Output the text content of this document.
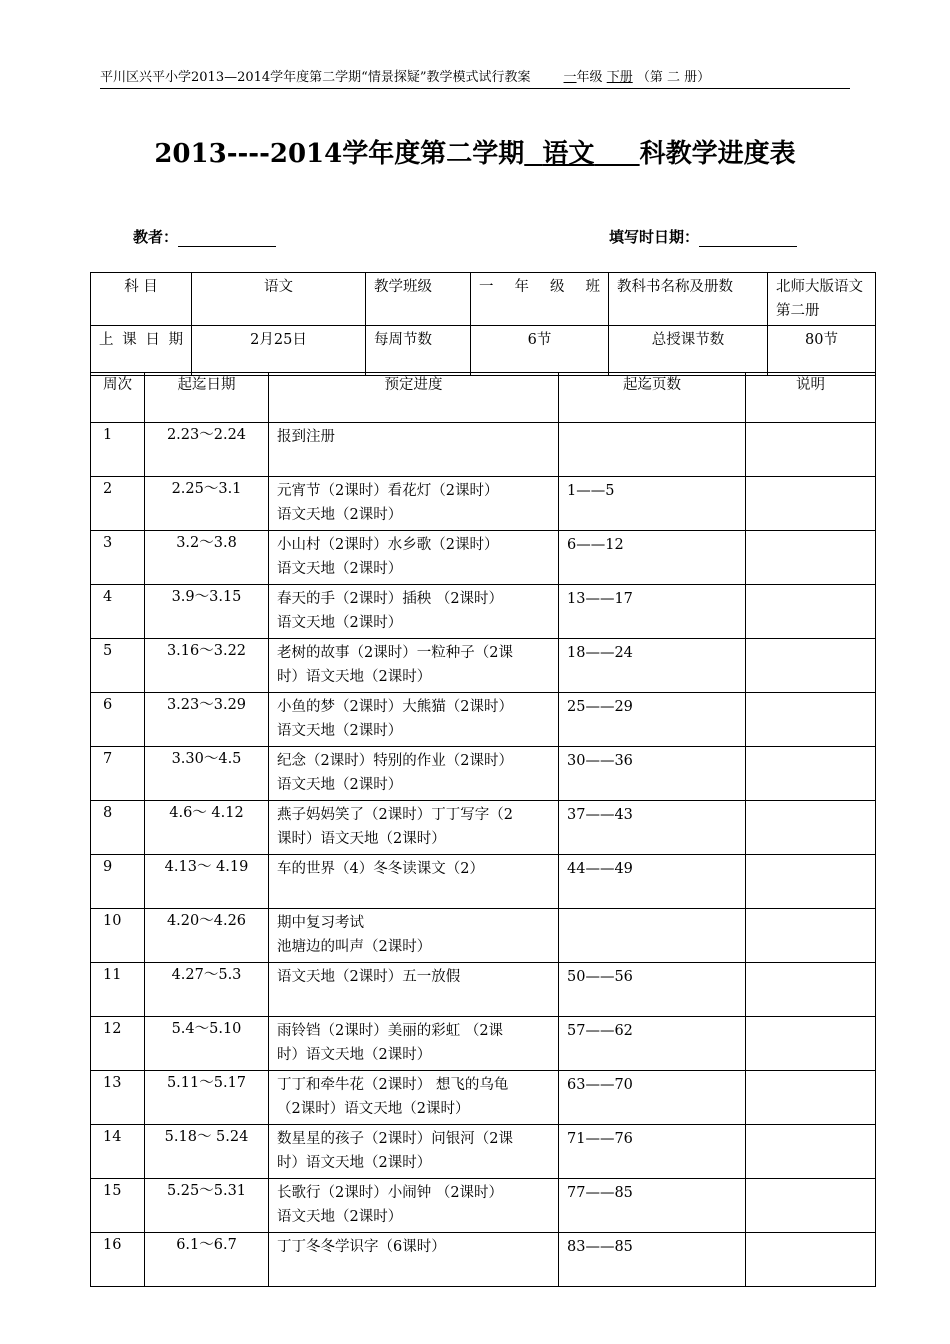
平川区兴平小学2013—2014学年度第二学期“情景探疑”教学模式试行教案	一年级 下册 （第 二 册）
2013----2014学年度第二学期 语文 科教学进度表
教者：	填写时日期：
科 目	语文	教学班级	一 年 级 班	教科书名称及册数	北师大版语文第二册
上课日期	2月25日	每周节数	6节	总授课节数	80节
周次	起迄日期	预定进度	起迄页数	说明
1	2.23～2.24	报到注册		

2	2.25～3.1	元宵节（2课时）看花灯（2课时）
语文天地（2课时）	1——5	
3	3.2～3.8	小山村（2课时）水乡歌（2课时）
语文天地（2课时）	6——12	
4	3.9～3.15	春天的手（2课时）插秧 （2课时）
语文天地（2课时）	13——17	
5	3.16～3.22	老树的故事（2课时）一粒种子（2课
时）语文天地（2课时）	18——24	
6	3.23～3.29	小鱼的梦（2课时）大熊猫（2课时）
语文天地（2课时）	25——29	
7	3.30～4.5	纪念（2课时）特别的作业（2课时）
语文天地（2课时）	30——36	
8	4.6～ 4.12	燕子妈妈笑了（2课时）丁丁写字（2
课时）语文天地（2课时）	37——43	
9	4.13～ 4.19	车的世界（4）冬冬读课文（2）	44——49	
10	4.20～4.26	期中复习考试
池塘边的叫声（2课时）		

11	4.27～5.3	语文天地（2课时）五一放假	50——56	
12	5.4～5.10	雨铃铛（2课时）美丽的彩虹 （2课
时）语文天地（2课时）	57——62	
13	5.11～5.17	丁丁和牵牛花（2课时） 想飞的乌龟
（2课时）语文天地（2课时）	63——70	
14	5.18～ 5.24	数星星的孩子（2课时）问银河（2课
时）语文天地（2课时）	71——76	
15	5.25～5.31	长歌行（2课时）小闹钟 （2课时）
语文天地（2课时）	77——85	
16	6.1～6.7	丁丁冬冬学识字（6课时）	83——85	
